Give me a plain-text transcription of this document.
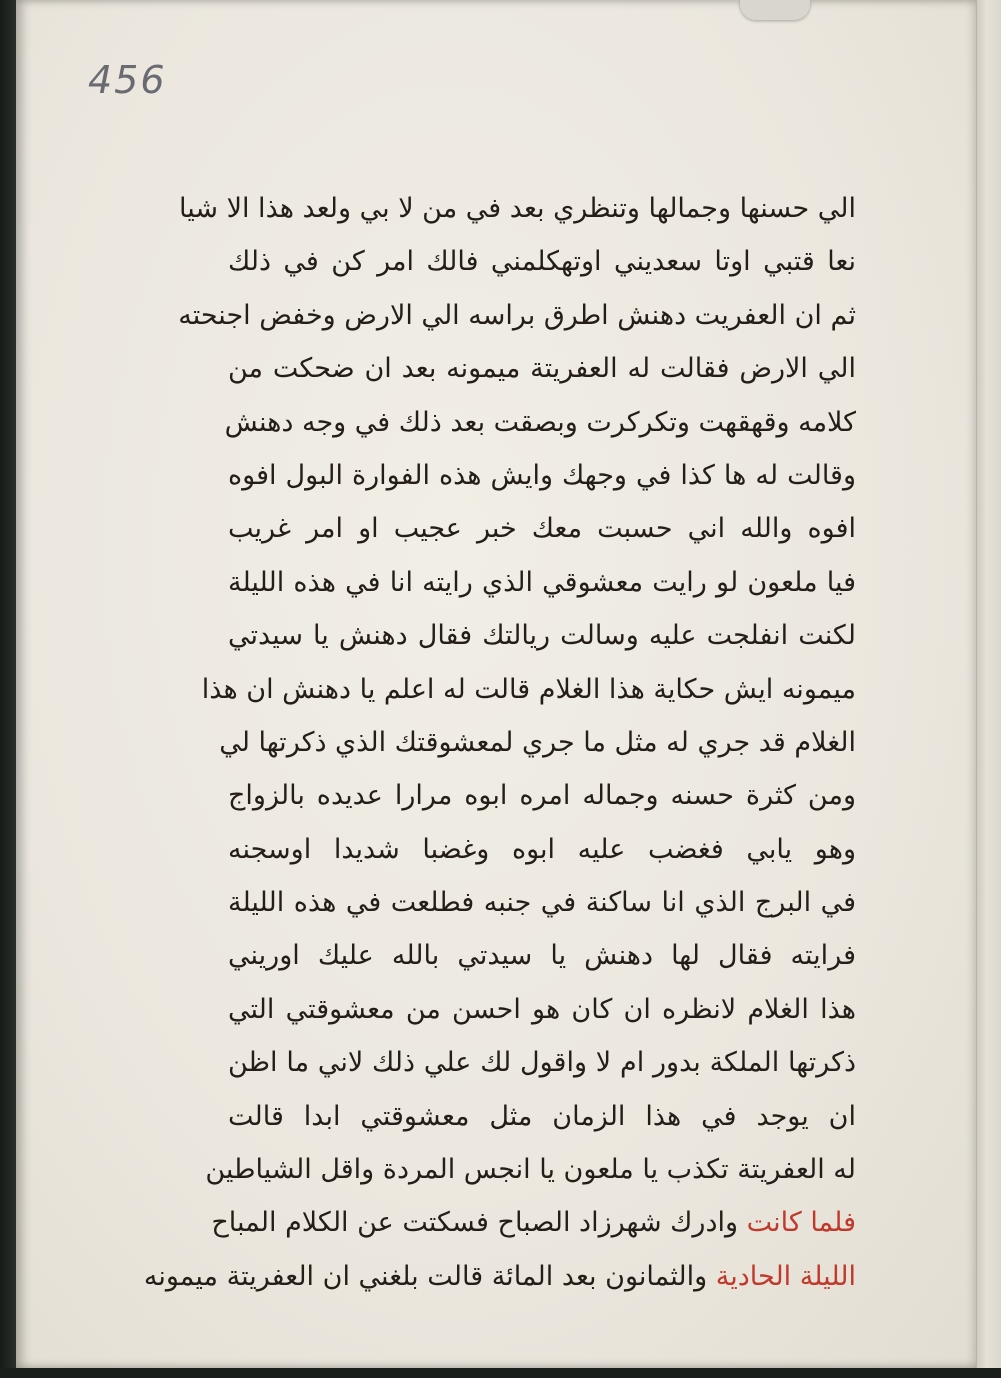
456
الي حسنها وجمالها وتنظري بعد في من لا بي ولعد هذا الا شيا
نعا قتبي اوتا سعديني اوتهكلمني فالك امر كن في ذلك
ثم ان العفريت دهنش اطرق براسه الي الارض وخفض اجنحته
الي الارض فقالت له العفريتة ميمونه بعد ان ضحكت من
كلامه وقهقهت وتكركرت وبصقت بعد ذلك في وجه دهنش
وقالت له ها كذا في وجهك وايش هذه الفوارة البول افوه
افوه والله اني حسبت معك خبر عجيب او امر غريب
فيا ملعون لو رايت معشوقي الذي رايته انا في هذه الليلة
لكنت انفلجت عليه وسالت ريالتك فقال دهنش يا سيدتي
ميمونه ايش حكاية هذا الغلام قالت له اعلم يا دهنش ان هذا
الغلام قد جري له مثل ما جري لمعشوقتك الذي ذكرتها لي
ومن كثرة حسنه وجماله امره ابوه مرارا عديده بالزواج
وهو يابي فغضب عليه ابوه وغضبا شديدا اوسجنه
في البرج الذي انا ساكنة في جنبه فطلعت في هذه الليلة
فرايته فقال لها دهنش يا سيدتي بالله عليك اوريني
هذا الغلام لانظره ان كان هو احسن من معشوقتي التي
ذكرتها الملكة بدور ام لا واقول لك علي ذلك لاني ما اظن
ان يوجد في هذا الزمان مثل معشوقتي ابدا قالت
له العفريتة تكذب يا ملعون يا انجس المردة واقل الشياطين
فلما كانت وادرك شهرزاد الصباح فسكتت عن الكلام المباح
الليلة الحادية والثمانون بعد المائة قالت بلغني ان العفريتة ميمونه
